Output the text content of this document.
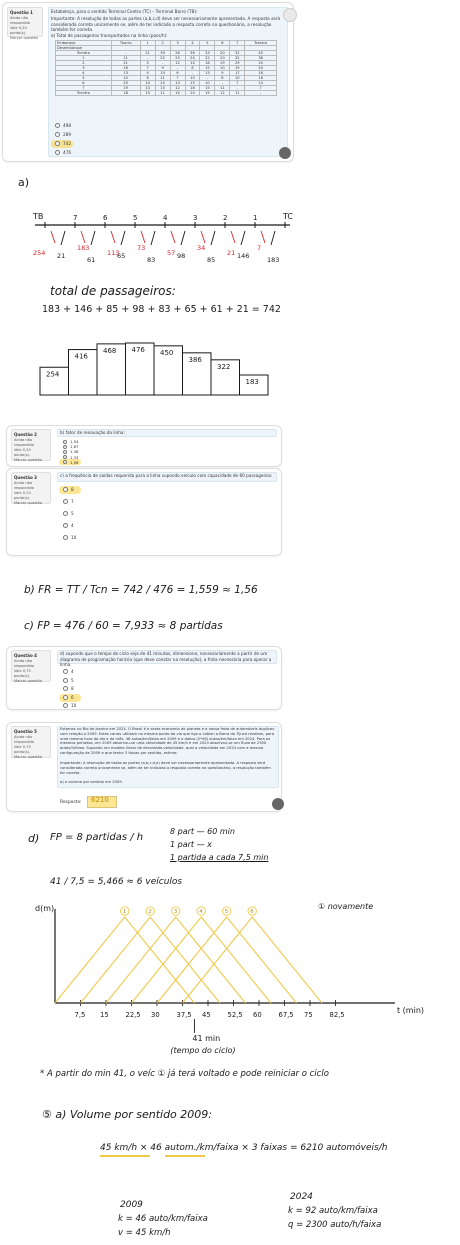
Questão 1
Ainda não respondida
Vale 0,20 ponto(s).
Marcar questão
Estabeleça, para o sentido Terminal Centro (TC) – Terminal Barro (TB):
Importante: A resolução de todas as partes (a,b,c,d) deve ser necessariamente apresentada. A resposta será considerada correta unicamente se, além de ter indicado a resposta correta no questionário, a resolução também for correta.
a) Total de passageiros transportados na linha (pass/h):
Embarque	Tbarro	1	2	3	4	5	6	7	Tcentro
Desembarque									
Tcentro	-	21	39	28	36	33	20	32	45
1	11	-	22	25	24	22	20	32	38
2	21	5	-	12	14	18	19	29	20
3	16	7	9	-	8	15	10	19	20
4	13	4	10	6	-	13	9	17	18
5	10	8	11	7	10	-	8	10	16
6	20	10	20	13	15	10	-	7	14
7	19	13	15	12	16	15	11	-	7
Tcentro	18	15	11	15	24	15	12	11	-
498
289
742
476
a)
TB	TC
7	6	5	4	3	2	1
254
183
113
73
57
34
21
7
21	61	65	83	98	85	146	183
total de passageiros:
183 + 146 + 85 + 98 + 83 + 65 + 61 + 21 = 742
254
416
468 476 450
386
322
183
Questão 2
Ainda não respondida
Vale 0,20 ponto(s).
Marcar questão
b) fator de renovação da linha:
1,54
1,67
1,38
1,33
1,56
Questão 3
Ainda não respondida
Vale 0,20 ponto(s).
Marcar questão
c) a frequência de saídas requerida para a linha supondo veículo com capacidade de 60 passageiros:
8
7
5
4
10
b) FR = TT / Tcn = 742 / 476 = 1,559 ≈ 1,56
c) FP = 476 / 60 = 7,933 ≈ 8 partidas
Questão 4
Ainda não respondida
Vale 0,75 ponto(s).
Marcar questão
d) supondo que o tempo de ciclo seja de 41 minutos, dimensione, necessariamente a partir de um diagrama de programação horária (que deve constar na resolução), a frota necessária para operar a linha.
4
5
8
6
10
Questão 5
Ainda não respondida
Vale 0,75 ponto(s).
Marcar questão
Estamos no Rio de Janeiro em 2024. O Brasil é a sexta economia do planeta e a nossa frota de automóveis duplicou com relação a 2009. Estes carros utilizam no mesmo ponto da via que liga o Leblon a Barra da Tijuca revelam, para uma mesma hora do dia e do mês, 46 autos/km/faixa em 2009 e o dobro (2*46) autos/km/faixa em 2024. Para os mesmos períodos, em 2009 observou-se uma velocidade de 45 km/h e em 2024 observou-se um fluxo de 2300 autos/h/faixa. Supondo um modelo linear de densidade-velocidade, qual a velocidade em 2024 com a mesma configuração de 2009 e que tenha 3 faixas por sentido, estime:
Importante: A resolução de todas as partes (a,b,c,d,e) deve ser necessariamente apresentada. A resposta será considerada correta unicamente se, além de ter indicado a resposta correta no questionário, a resolução também for correta.
a) o volume por sentido em 2009.
Resposta: 6210
d) FP = 8 partidas / h
8 part — 60 min
1 part — x
1 partida a cada 7,5 min
41 / 7,5 = 5,466 ≈ 6 veículos
d(m)
t (min)
7,5 15 22,5 30 37,5 45 52,5 60 67,5 75 82,5
1	2	3	4	5	6
① novamente
41 min
(tempo do ciclo)
* A partir do min 41, o veíc ① já terá voltado e pode reiniciar o ciclo
⑤ a) Volume por sentido 2009:
45 km/h × 46 autom./km/faixa × 3 faixas = 6210 automóveis/h
2009
k = 46 auto/km/faixa
v = 45 km/h
2024
k = 92 auto/km/faixa
q = 2300 auto/h/faixa
